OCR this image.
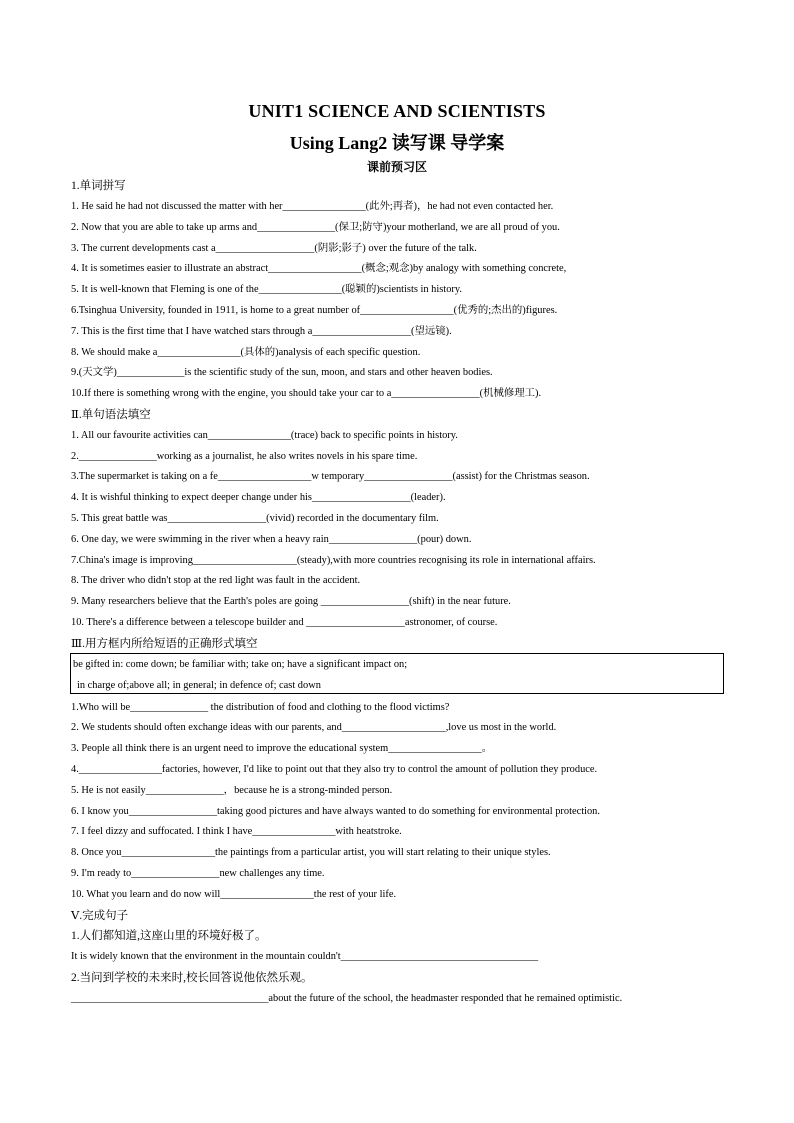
UNIT1 SCIENCE AND SCIENTISTS
Using Lang2 读写课 导学案
课前预习区
1.单词拼写
1. He said he had not discussed the matter with her________________(此外;再者)，he had not even contacted her.
2. Now that you are able to take up arms and_______________(保卫;防守)your motherland, we are all proud of you.
3. The current developments cast a___________________(阴影;影子) over the future of the talk.
4. It is sometimes easier to illustrate an abstract__________________(概念;观念)by analogy with something concrete,
5. It is well-known that Fleming is one of the________________(聪颖的)scientists in history.
6.Tsinghua University, founded in 1911, is home to a great number of__________________(优秀的;杰出的)figures.
7. This is the first time that I have watched stars through a___________________(望远镜).
8. We should make a________________(具体的)analysis of each specific question.
9.(天文学)_____________is the scientific study of the sun, moon, and stars and other heaven bodies.
10.If there is something wrong with the engine, you should take your car to a_________________(机械修理工).
Ⅱ.单句语法填空
1. All our favourite activities can________________(trace) back to specific points in history.
2._______________working as a journalist, he also writes novels in his spare time.
3.The supermarket is taking on a fe__________________w temporary_________________(assist) for the Christmas season.
4. It is wishful thinking to expect deeper change under his___________________(leader).
5. This great battle was___________________(vivid) recorded in the documentary film.
6. One day, we were swimming in the river when a heavy rain_________________(pour) down.
7.China's image is improving____________________(steady),with more countries recognising its role in international affairs.
8. The driver who didn't stop at the red light was fault in the accident.
9. Many researchers believe that the Earth's poles are going _________________(shift) in the near future.
10. There's a difference between a telescope builder and ___________________astronomer, of course.
Ⅲ.用方框内所给短语的正确形式填空
be gifted in: come down; be familiar with; take on; have a significant impact on;
in charge of;above all; in general; in defence of; cast down
1.Who will be_______________ the distribution of food and clothing to the flood victims?
2. We students should often exchange ideas with our parents, and____________________,love us most in the world.
3. People all think there is an urgent need to improve the educational system__________________。
4.________________factories, however, I'd like to point out that they also try to control the amount of pollution they produce.
5. He is not easily_______________，because he is a strong-minded person.
6. I know you_________________taking good pictures and have always wanted to do something for environmental protection.
7. I feel dizzy and suffocated. I think I have________________with heatstroke.
8. Once you__________________the paintings from a particular artist, you will start relating to their unique styles.
9. I'm ready to_________________new challenges any time.
10. What you learn and do now will__________________the rest of your life.
Ⅴ.完成句子
1.人们都知道,这座山里的环境好极了。
It is widely known that the environment in the mountain couldn't______________________________________
2.当问到学校的未来时,校长回答说他依然乐观。
______________________________________about the future of the school, the headmaster responded that he remained optimistic.
